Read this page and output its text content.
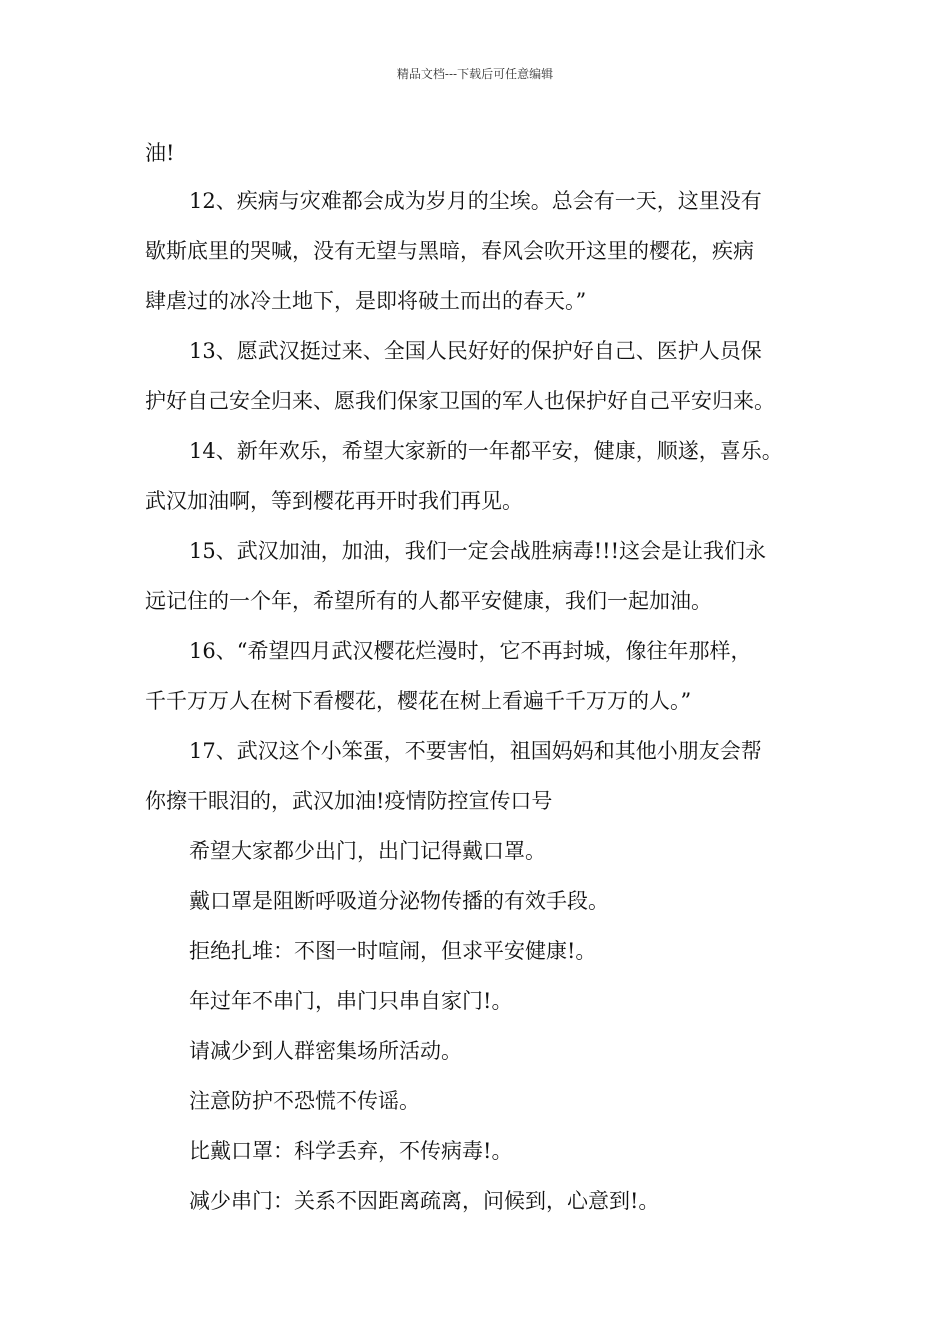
精品文档---下载后可任意编辑
油!
12、疾病与灾难都会成为岁月的尘埃。总会有一天，这里没有
歇斯底里的哭喊，没有无望与黑暗，春风会吹开这里的樱花，疾病
肆虐过的冰冷土地下，是即将破土而出的春天。”
13、愿武汉挺过来、全国人民好好的保护好自己、医护人员保
护好自己安全归来、愿我们保家卫国的军人也保护好自己平安归来。
14、新年欢乐，希望大家新的一年都平安，健康，顺遂，喜乐。
武汉加油啊，等到樱花再开时我们再见。
15、武汉加油，加油，我们一定会战胜病毒!!!这会是让我们永
远记住的一个年，希望所有的人都平安健康，我们一起加油。
16、“希望四月武汉樱花烂漫时，它不再封城，像往年那样，
千千万万人在树下看樱花，樱花在树上看遍千千万万的人。”
17、武汉这个小笨蛋，不要害怕，祖国妈妈和其他小朋友会帮
你擦干眼泪的，武汉加油!疫情防控宣传口号
希望大家都少出门，出门记得戴口罩。
戴口罩是阻断呼吸道分泌物传播的有效手段。
拒绝扎堆：不图一时喧闹，但求平安健康!。
年过年不串门，串门只串自家门!。
请减少到人群密集场所活动。
注意防护不恐慌不传谣。
比戴口罩：科学丢弃，不传病毒!。
减少串门：关系不因距离疏离，问候到，心意到!。
